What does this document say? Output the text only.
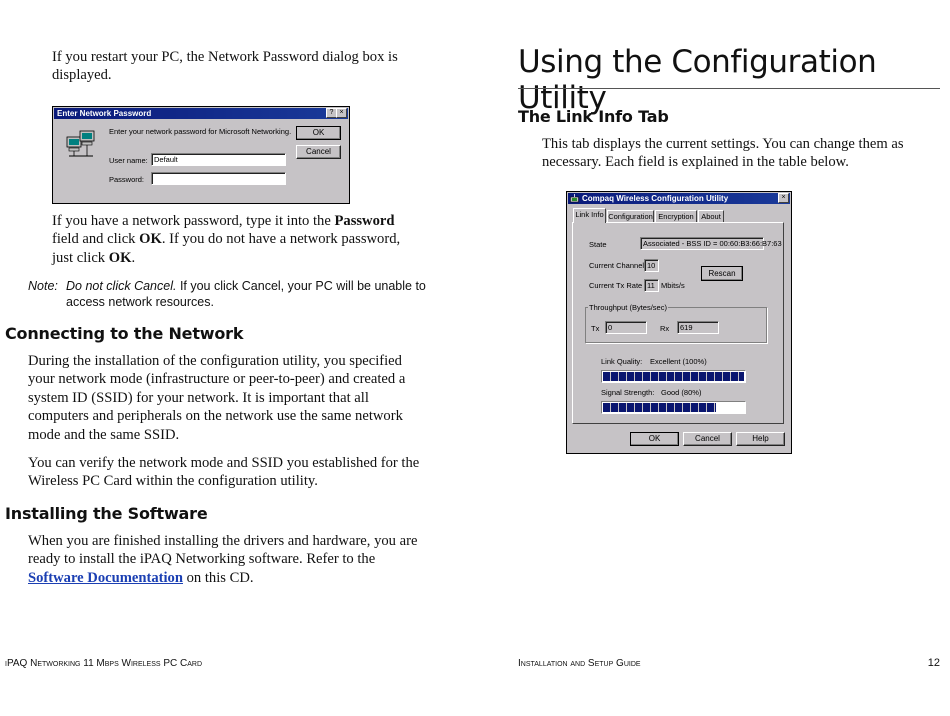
If you restart your PC, the Network Password dialog box is displayed.

Enter Network Password	? ×
Enter your network password for Microsoft Networking.	OK
Cancel
User name: Default
Password:

If you have a network password, type it into the Password field and click OK. If you do not have a network password, just click OK.

Note: Do not click Cancel. If you click Cancel, your PC will be unable to access network resources.
Connecting to the Network

During the installation of the configuration utility, you specified your network mode (infrastructure or peer-to-peer) and created a system ID (SSID) for your network. It is important that all computers and peripherals on the network use the same network mode and the same SSID.

You can verify the network mode and SSID you established for the Wireless PC Card within the configuration utility.

Installing the Software

When you are finished installing the drivers and hardware, you are ready to install the iPAQ Networking software. Refer to the Software Documentation on this CD.

iPAQ Networking 11 Mbps Wireless PC Card
Using the Configuration Utility
The Link Info Tab

This tab displays the current settings. You can change them as necessary. Each field is explained in the table below.

Compaq Wireless Configuration Utility	×
Link Info Configuration Encryption About
State	Associated - BSS ID = 00:60:B3:66:B7:63
Current Channel 10
Rescan
Current Tx Rate 11 Mbits/s
Throughput (Bytes/sec)
Tx	0	Rx	619
Link Quality: Excellent (100%)
Signal Strength: Good (80%)
OK	Cancel	Help
Installation and Setup Guide	12
